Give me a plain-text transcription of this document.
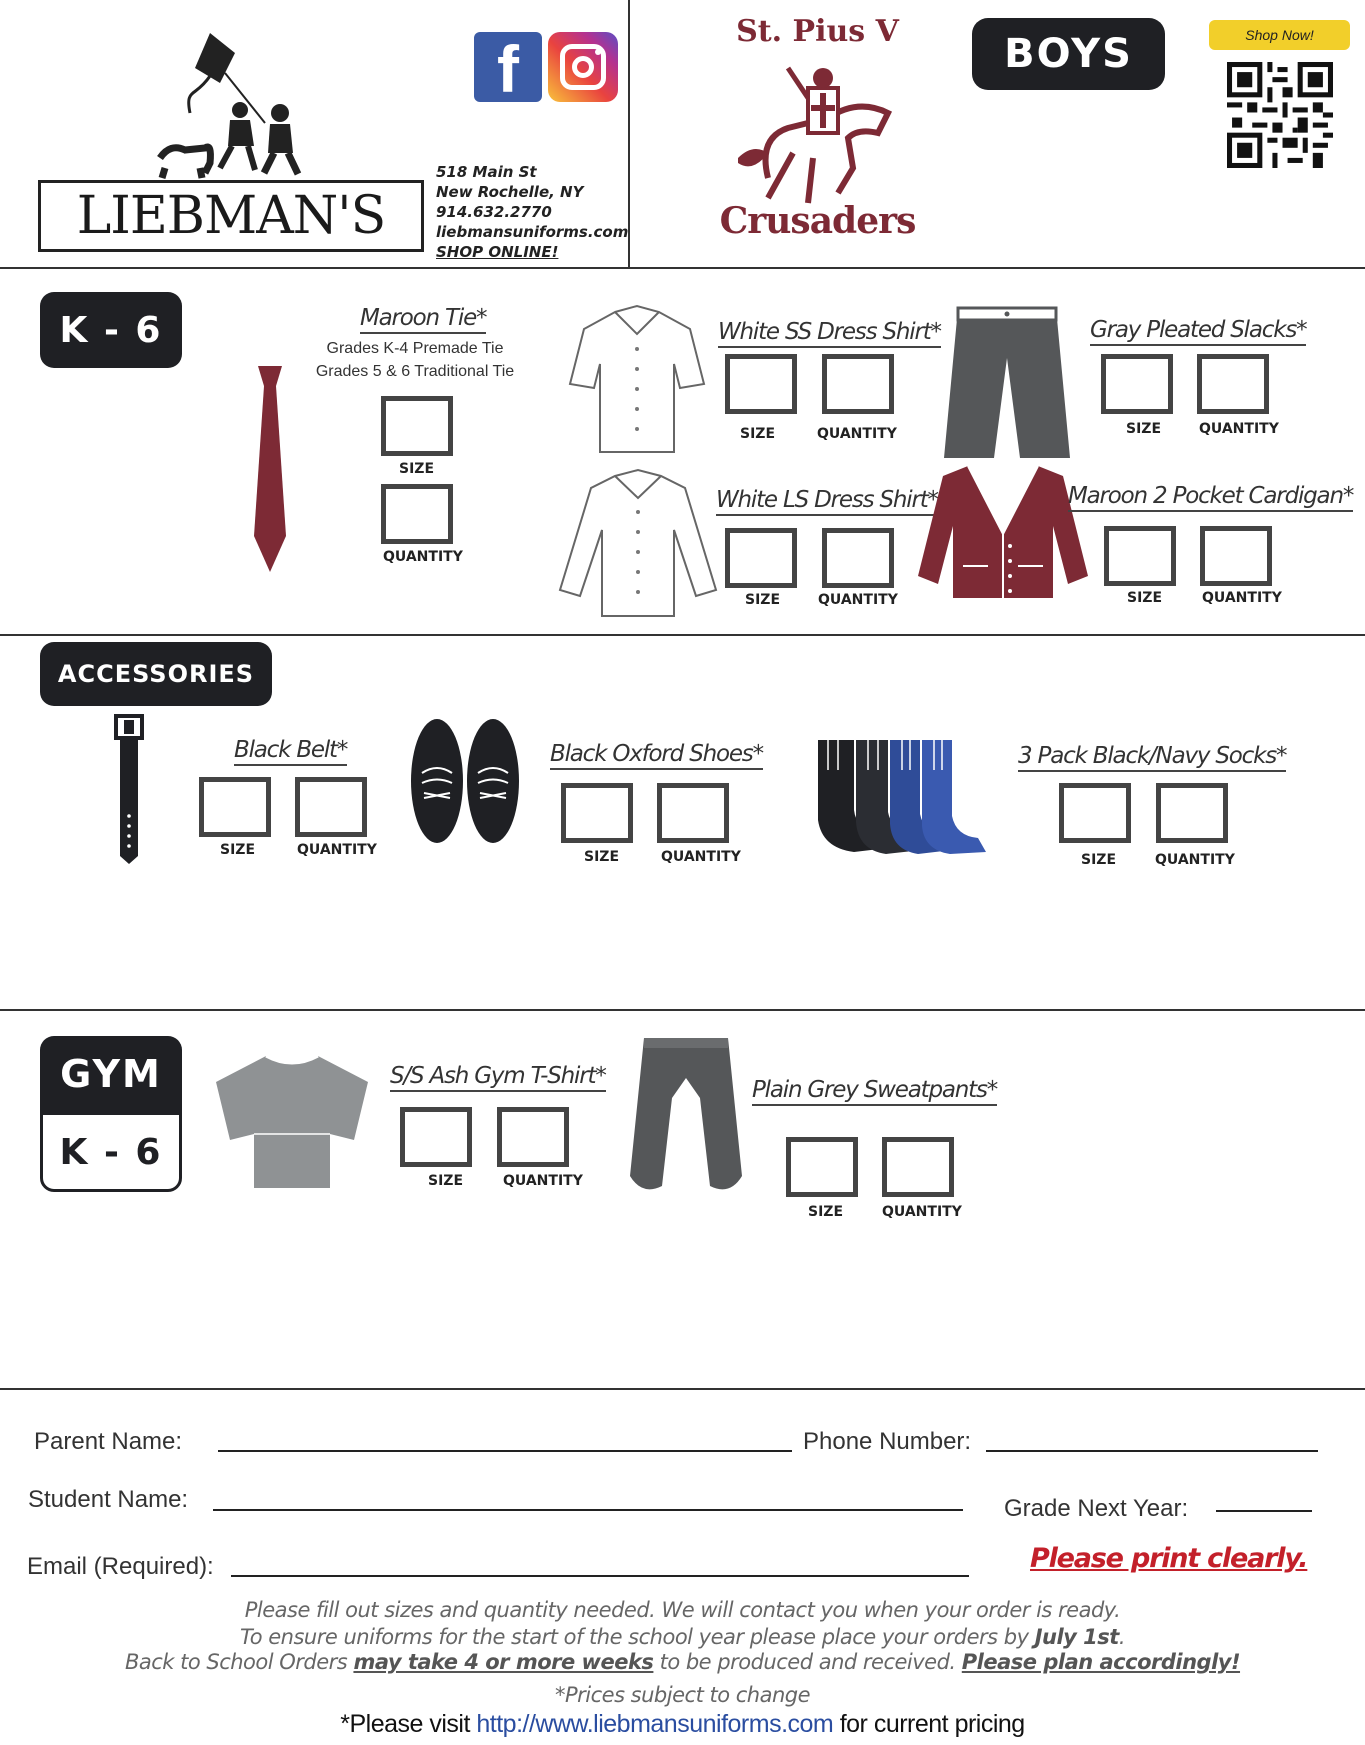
LIEBMAN'S
f
518 Main St
New Rochelle, NY
914.632.2770
liebmansuniforms.com
SHOP ONLINE!
St. Pius V
Crusaders
BOYS	Shop Now!
K - 6	Maroon Tie*
Grades K-4 Premade Tie
Grades 5 & 6 Traditional Tie
SIZE
QUANTITY
White SS Dress Shirt*
SIZE	QUANTITY
White LS Dress Shirt*
SIZE	QUANTITY
Gray Pleated Slacks*
SIZE	QUANTITY
Maroon 2 Pocket Cardigan*
SIZE	QUANTITY
ACCESSORIES
Black Belt*
SIZE	QUANTITY
Black Oxford Shoes*
SIZE	QUANTITY
3 Pack Black/Navy Socks*
SIZE	QUANTITY
GYM
K - 6
S/S Ash Gym T-Shirt*
SIZE	QUANTITY
Plain Grey Sweatpants*
SIZE	QUANTITY
Parent Name:	Phone Number:
Student Name:	Grade Next Year:
Email (Required):	Please print clearly.
Please fill out sizes and quantity needed. We will contact you when your order is ready.
To ensure uniforms for the start of the school year please place your orders by July 1st.
Back to School Orders may take 4 or more weeks to be produced and received. Please plan accordingly!
*Prices subject to change
*Please visit http://www.liebmansuniforms.com for current pricing
